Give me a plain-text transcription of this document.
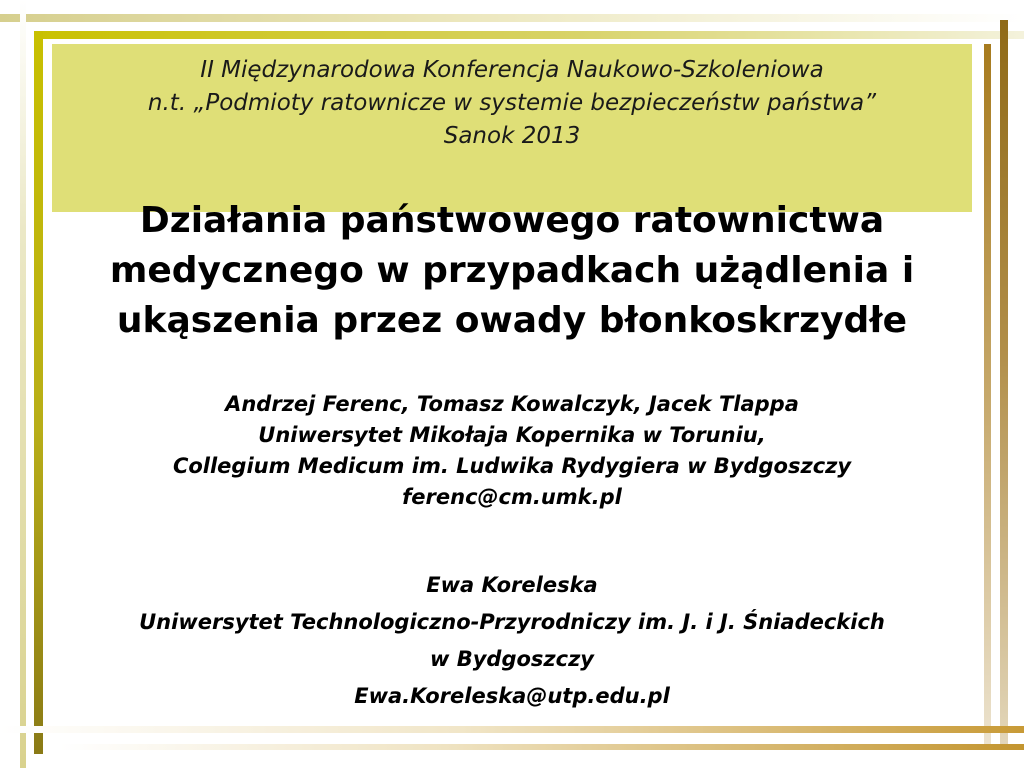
II Międzynarodowa Konferencja Naukowo-Szkoleniowa
n.t. „Podmioty ratownicze w systemie bezpieczeństw państwa”
Sanok 2013
Działania państwowego ratownictwa
medycznego w przypadkach użądlenia i
ukąszenia przez owady błonkoskrzydłe
Andrzej Ferenc, Tomasz Kowalczyk, Jacek Tlappa
Uniwersytet Mikołaja Kopernika w Toruniu,
Collegium Medicum im. Ludwika Rydygiera w Bydgoszczy
ferenc@cm.umk.pl
Ewa Koreleska
Uniwersytet Technologiczno-Przyrodniczy im. J. i J. Śniadeckich
w Bydgoszczy
Ewa.Koreleska@utp.edu.pl
